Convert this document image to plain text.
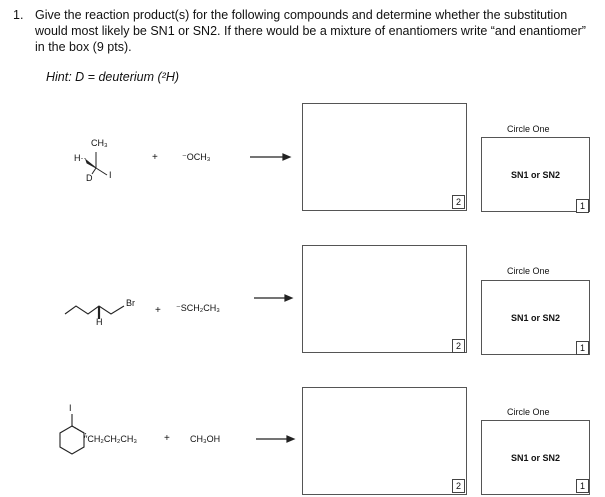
1. Give the reaction product(s) for the following compounds and determine whether the substitution would most likely be SN1 or SN2. If there would be a mixture of enantiomers write “and enantiomer” in the box (9 pts).
Hint: D = deuterium (²H)
CH₃
H··
I
D
+	⁻OCH₃
2
Circle One
SN1 or SN2
1
Br
H
+ ⁻SCH₂CH₃
2
Circle One
SN1 or SN2
1
I
′′CH₂CH₂CH₃	+ CH₃OH
2
Circle One
SN1 or SN2
1
